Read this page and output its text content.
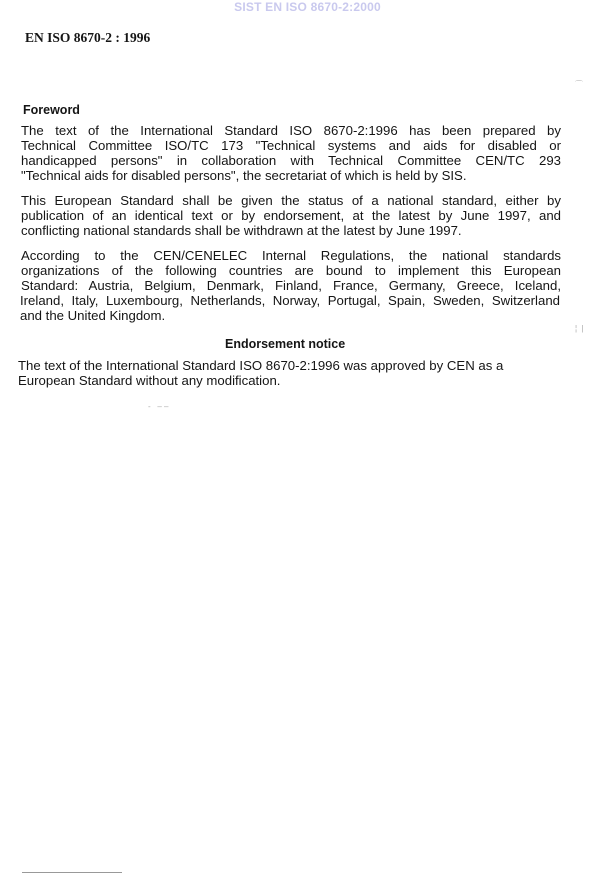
SIST EN ISO 8670-2:2000
EN ISO 8670-2 : 1996
Foreword
The text of the International Standard ISO 8670-2:1996 has been prepared by
Technical Committee ISO/TC 173 "Technical systems and aids for disabled or
handicapped persons" in collaboration with Technical Committee CEN/TC 293
"Technical aids for disabled persons", the secretariat of which is held by SIS.
This European Standard shall be given the status of a national standard, either by
publication of an identical text or by endorsement, at the latest by June 1997, and
conflicting national standards shall be withdrawn at the latest by June 1997.
According to the CEN/CENELEC Internal Regulations, the national standards
organizations of the following countries are bound to implement this European
Standard: Austria, Belgium, Denmark, Finland, France, Germany, Greece, Iceland,
Ireland, Italy, Luxembourg, Netherlands, Norway, Portugal, Spain, Sweden, Switzerland
and the United Kingdom.
Endorsement notice
The text of the International Standard ISO 8670-2:1996 was approved by CEN as a
European Standard without any modification.
-   – –
⌒
¦  |
